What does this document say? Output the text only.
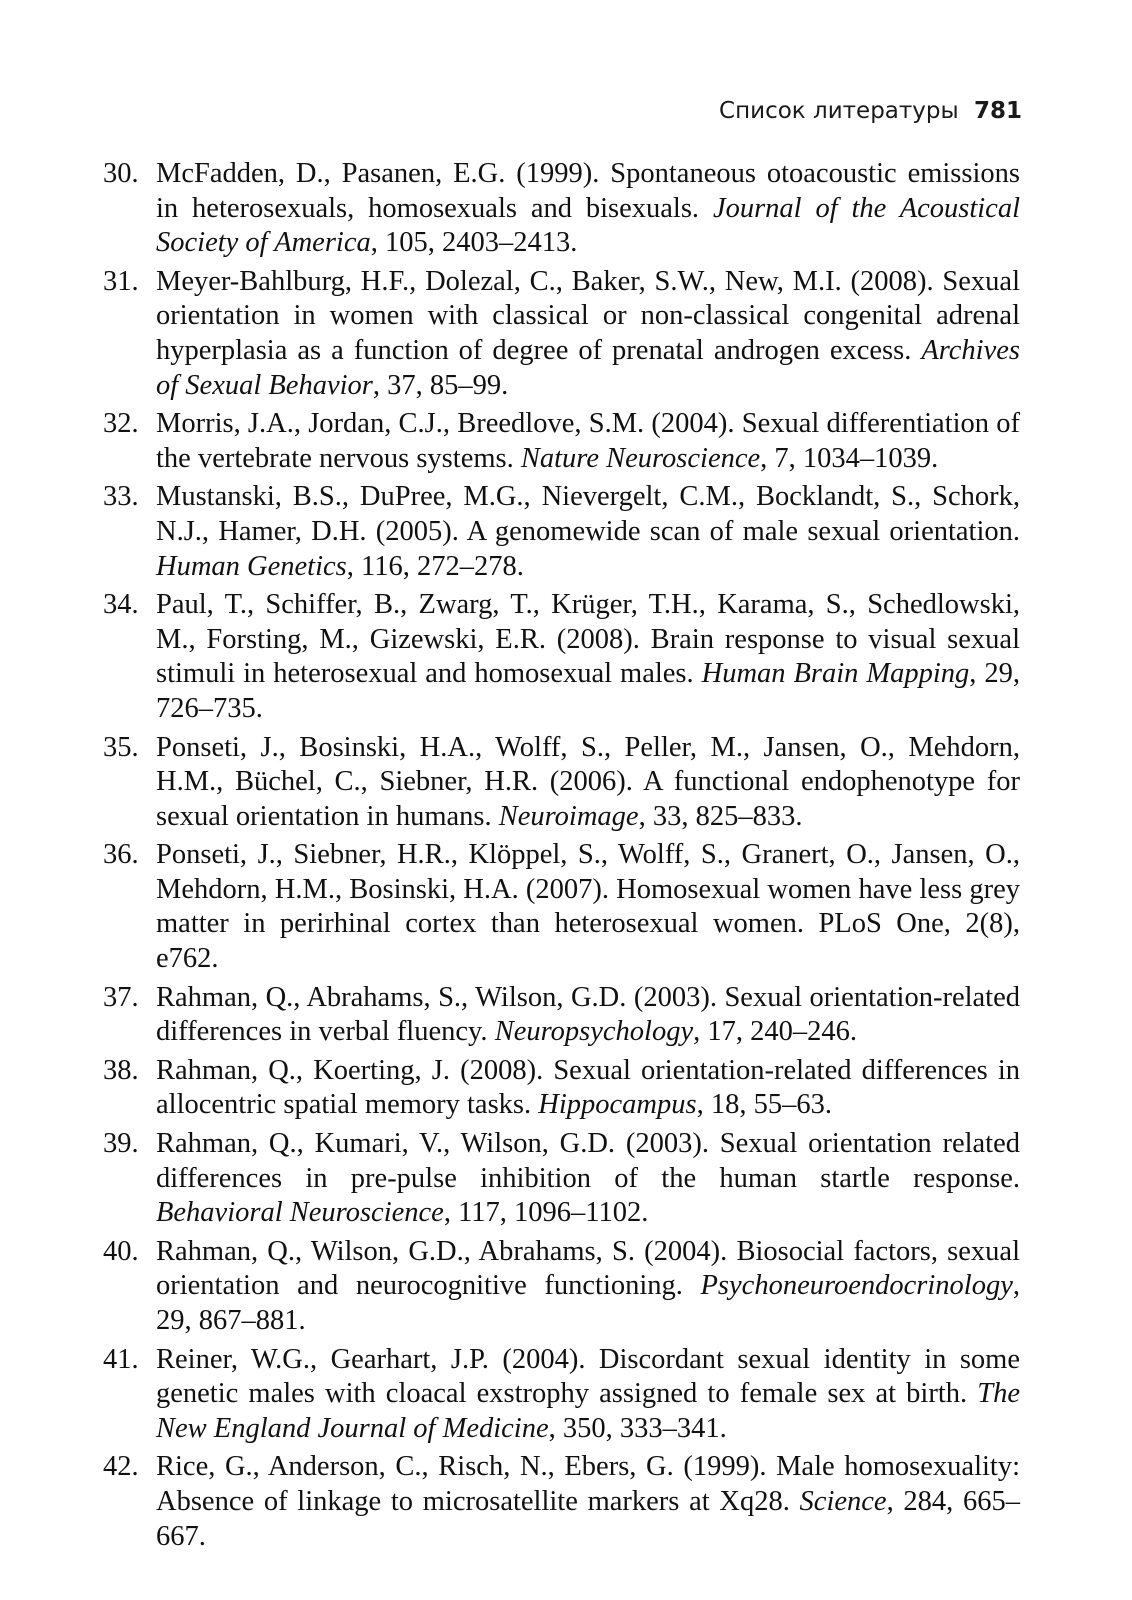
Список литературы 781
30. McFadden, D., Pasanen, E.G. (1999). Spontaneous otoacoustic emissions in heterosexuals, homosexuals and bisexuals. Journal of the Acoustical Society of America, 105, 2403–2413.
31. Meyer-Bahlburg, H.F., Dolezal, C., Baker, S.W., New, M.I. (2008). Sexual orientation in women with classical or non-classical congenital adrenal hyperplasia as a function of degree of prenatal androgen excess. Archives of Sexual Behavior, 37, 85–99.
32. Morris, J.A., Jordan, C.J., Breedlove, S.M. (2004). Sexual differentiation of the vertebrate nervous systems. Nature Neuroscience, 7, 1034–1039.
33. Mustanski, B.S., DuPree, M.G., Nievergelt, C.M., Bocklandt, S., Schork, N.J., Hamer, D.H. (2005). A genomewide scan of male sexual orientation. Human Genetics, 116, 272–278.
34. Paul, T., Schiffer, B., Zwarg, T., Krüger, T.H., Karama, S., Schedlowski, M., Forsting, M., Gizewski, E.R. (2008). Brain response to visual sexual stimuli in heterosexual and homosexual males. Human Brain Mapping, 29, 726–735.
35. Ponseti, J., Bosinski, H.A., Wolff, S., Peller, M., Jansen, O., Mehdorn, H.M., Büchel, C., Siebner, H.R. (2006). A functional endophenotype for sexual orientation in humans. Neuroimage, 33, 825–833.
36. Ponseti, J., Siebner, H.R., Klöppel, S., Wolff, S., Granert, O., Jansen, O., Mehdorn, H.M., Bosinski, H.A. (2007). Homosexual women have less grey matter in perirhinal cortex than heterosexual women. PLoS One, 2(8), e762.
37. Rahman, Q., Abrahams, S., Wilson, G.D. (2003). Sexual orientation-related differences in verbal fluency. Neuropsychology, 17, 240–246.
38. Rahman, Q., Koerting, J. (2008). Sexual orientation-related differences in allocentric spatial memory tasks. Hippocampus, 18, 55–63.
39. Rahman, Q., Kumari, V., Wilson, G.D. (2003). Sexual orientation related differences in pre-pulse inhibition of the human startle response. Behavioral Neuroscience, 117, 1096–1102.
40. Rahman, Q., Wilson, G.D., Abrahams, S. (2004). Biosocial factors, sexual orientation and neurocognitive functioning. Psychoneuroendocrinology, 29, 867–881.
41. Reiner, W.G., Gearhart, J.P. (2004). Discordant sexual identity in some genetic males with cloacal exstrophy assigned to female sex at birth. The New England Journal of Medicine, 350, 333–341.
42. Rice, G., Anderson, C., Risch, N., Ebers, G. (1999). Male homosexuality: Absence of linkage to microsatellite markers at Xq28. Science, 284, 665–667.
